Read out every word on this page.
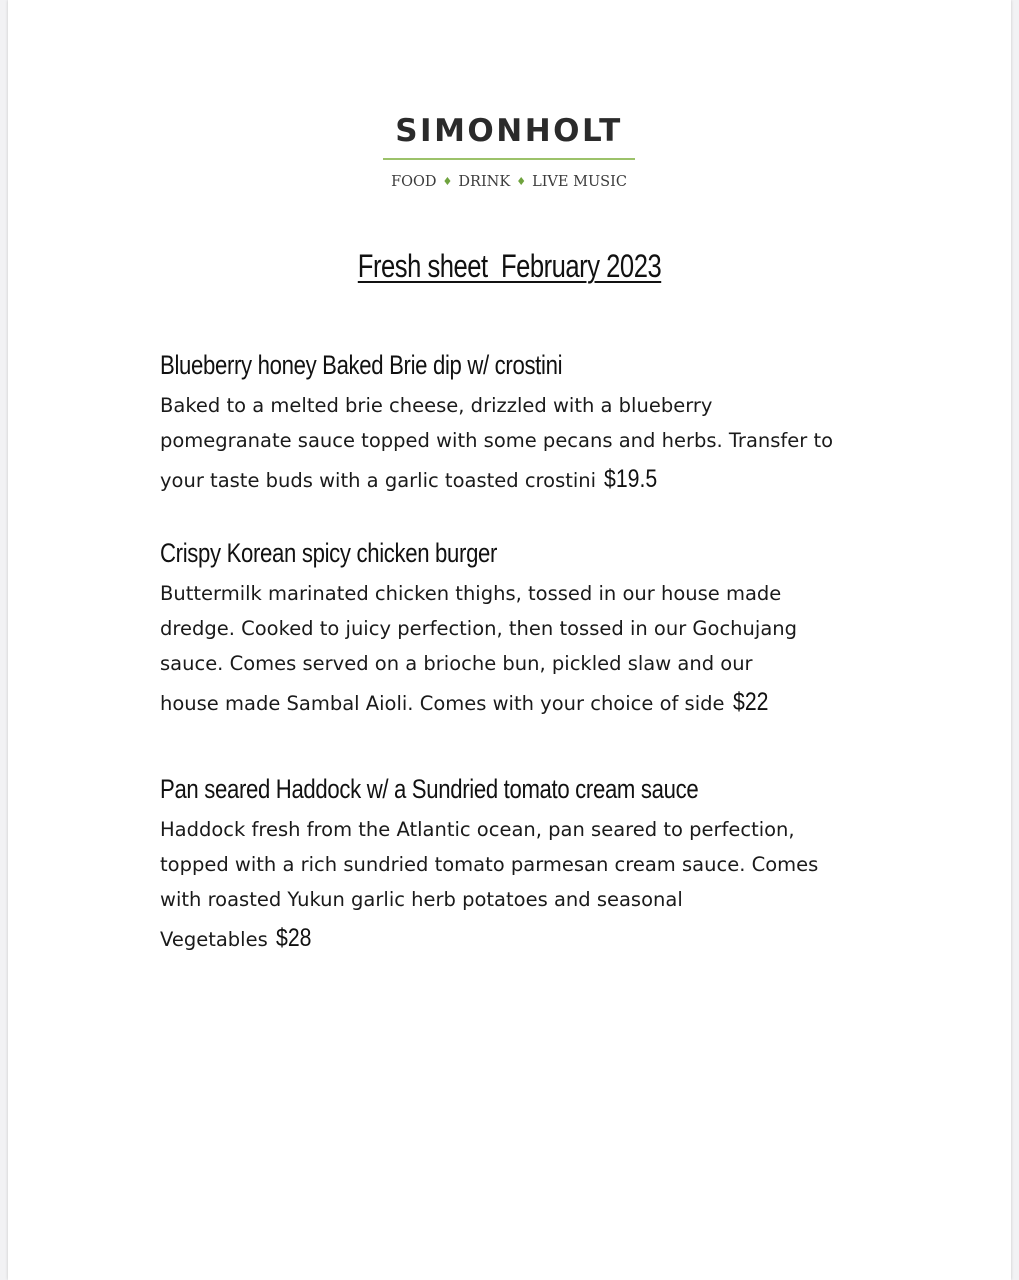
SIMONHOLT
FOOD ♦ DRINK ♦ LIVE MUSIC
Fresh sheet  February 2023
Blueberry honey Baked Brie dip w/ crostini
Baked to a melted brie cheese, drizzled with a blueberry
pomegranate sauce topped with some pecans and herbs. Transfer to
your taste buds with a garlic toasted crostini $19.5
Crispy Korean spicy chicken burger
Buttermilk marinated chicken thighs, tossed in our house made
dredge. Cooked to juicy perfection, then tossed in our Gochujang
sauce. Comes served on a brioche bun, pickled slaw and our
house made Sambal Aioli. Comes with your choice of side $22
Pan seared Haddock w/ a Sundried tomato cream sauce
Haddock fresh from the Atlantic ocean, pan seared to perfection,
topped with a rich sundried tomato parmesan cream sauce. Comes
with roasted Yukun garlic herb potatoes and seasonal
Vegetables $28
